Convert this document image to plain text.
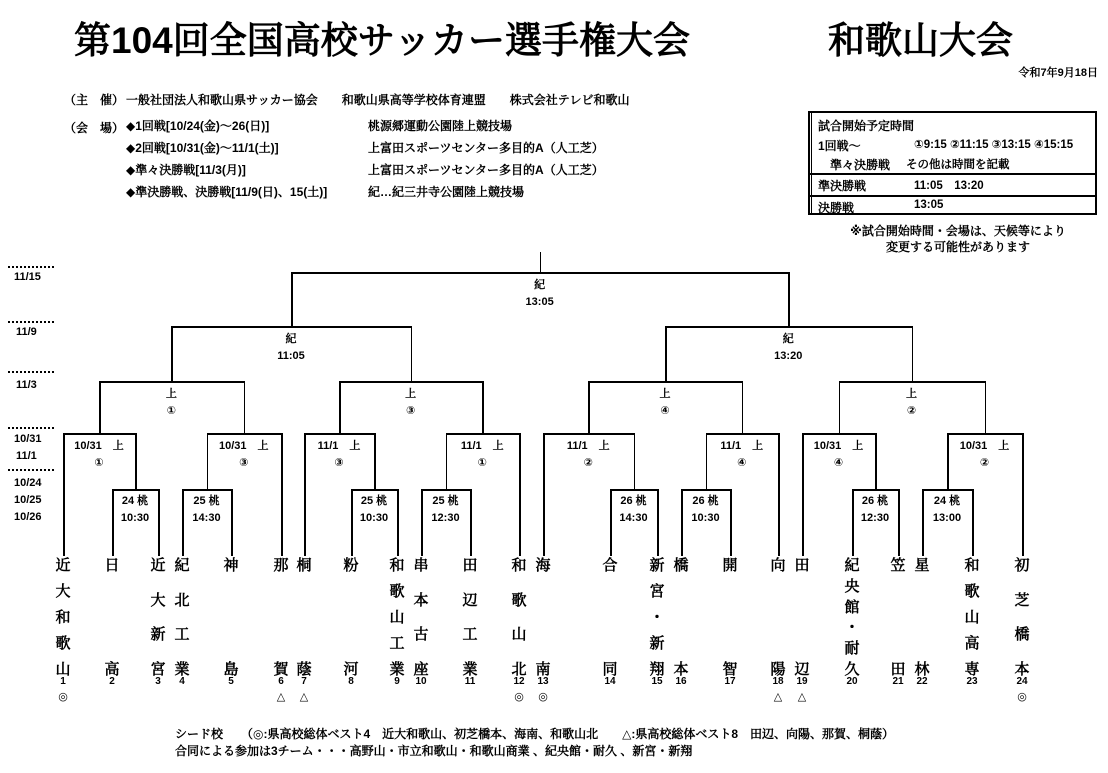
第104回全国高校サッカー選手権大会	和歌山大会
令和7年9月18日
（主　催） 一般社団法人和歌山県サッカー協会　　和歌山県高等学校体育連盟　　株式会社テレビ和歌山
（会　場） ◆1回戦[10/24(金)～26(日)]	桃源郷運動公園陸上競技場
◆2回戦[10/31(金)～11/1(土)]	上富田スポーツセンター多目的A（人工芝）
◆準々決勝戦[11/3(月)]	上富田スポーツセンター多目的A（人工芝）
◆準決勝戦、決勝戦[11/9(日)、15(土)]	紀…紀三井寺公園陸上競技場
試合開始予定時間
1回戦～	①9:15 ②11:15 ③13:15 ④15:15
　準々決勝戦 その他は時間を記載
準決勝戦	11:05　13:20
決勝戦	13:05
※試合開始時間・会場は、天候等により
変更する可能性があります
11/15
11/9
11/3
10/31
11/1
10/24
10/25
10/26
近
大
和
歌
山
1
◎
日
高
2
近
大
新
宮
3
紀
北
工
業
4
神
島
5
那
賀
6
△
桐
蔭
7
△
粉
河
8
和
歌
山
工
業
9
串
本
古
座
10
田
辺
工
業
11
和
歌
山
北
12
◎
海
南
13
◎
合
同
14
新
宮
・
新
翔
15
橋
本
16
開
智
17
向
陽
18
△
田
辺
19
△
紀
央
館
・
耐
久
20
笠
田
21
星
林
22
和
歌
山
高
専
23
初
芝
橋
本
24
◎
24 桃
10:30
25 桃
14:30
25 桃
10:30
25 桃
12:30
26 桃
14:30
26 桃
10:30
26 桃
12:30
24 桃
13:00
10/31　上
①
10/31　上
③
11/1　上
③
11/1　上
①
11/1　上
②
11/1　上
④
10/31　上
④
10/31　上
②
上
①
上
③
上
④
上
②
紀
11:05
紀
13:20
紀
13:05
シード校　　（◎:県高校総体ベスト4　近大和歌山、初芝橋本、海南、和歌山北　　△:県高校総体ベスト8　田辺、向陽、那賀、桐蔭）
合同による参加は3チーム・・・高野山・市立和歌山・和歌山商業 、紀央館・耐久 、新宮・新翔
